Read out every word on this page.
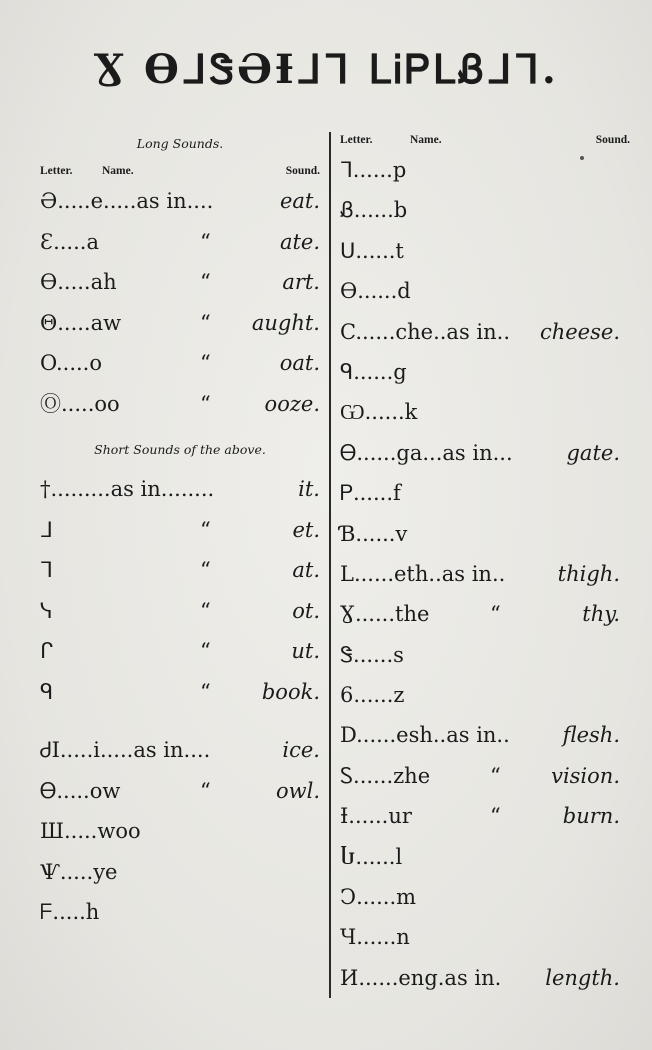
Ɣ ƟᒧᏕƏƗᒧᒣ ᒪᎥᏢᒪᏰᒧᒣ.
Long Sounds.
Letter.	Name.	Sound.
Ə.....e.....as in....	eat.
Ɛ.....a	“	ate.
Ɵ.....ah	“	art.
Θ.....aw	“ aught.
O.....o	“	oat.
Ⓞ.....oo	“	ooze.
Short Sounds of the above.
†.........as in........	it.
ᒧ	“	et.
ᒣ	“	at.
ᓭ	“	ot.
ᒋ	“	ut.
ᑫ	“ book.
ᏧⅠ.....i.....as in....	ice.
Ꮎ.....ow	“	owl.
Ш.....woo
Ѱ.....ye
ᖴ.....h
Letter.	Name.	Sound.
ᒣ......p
Ᏸ......b
ᑌ......t
Ɵ......d
C......che..as in.. cheese.
ᑫ......g
Ѡ......k
Ꮎ......ga...as in...	gate.
Ꮲ......f
Ɓ......v
L......eth..as in.. thigh.
Ɣ......the	“	thy.
Ꮥ......s
6......z
D......esh..as in..	flesh.
Ꮪ......zhe	“ vision.
Ɨ......ur	“	burn.
Ⴑ......l
Ↄ......m
Ч......n
И......eng.as in. length.
